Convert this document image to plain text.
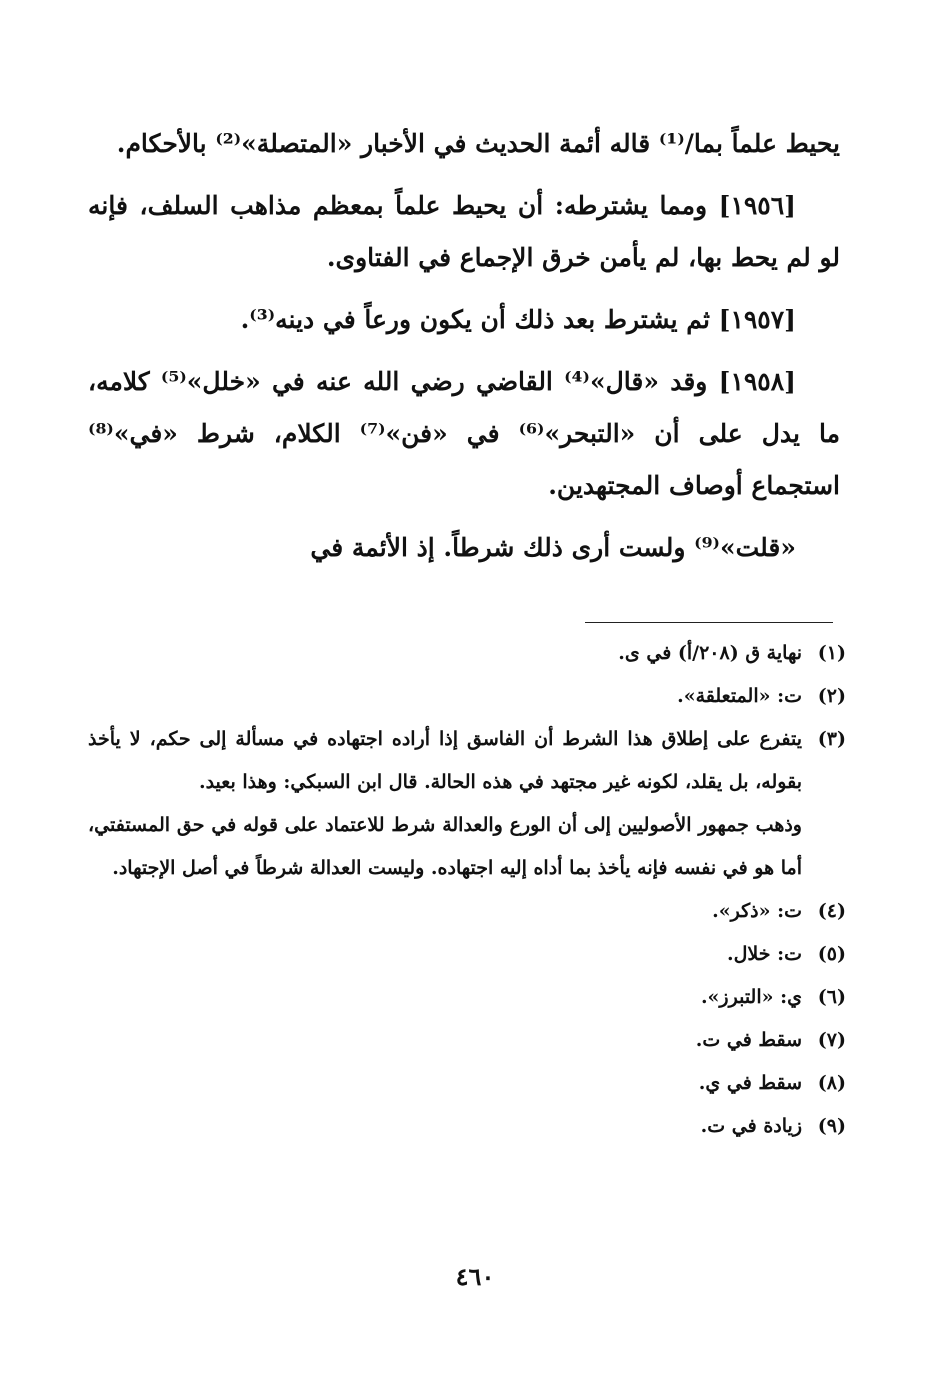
يحيط علماً بما/⁽¹⁾ قاله أئمة الحديث في الأخبار «المتصلة»⁽²⁾ بالأحكام.

[١٩٥٦] ومما يشترطه: أن يحيط علماً بمعظم مذاهب السلف، فإنه لو لم يحط بها، لم يأمن خرق الإجماع في الفتاوى.

[١٩٥٧] ثم يشترط بعد ذلك أن يكون ورعاً في دينه⁽³⁾.

[١٩٥٨] وقد «قال»⁽⁴⁾ القاضي رضي الله عنه في «خلل»⁽⁵⁾ كلامه، ما يدل على أن «التبحر»⁽⁶⁾ في «فن»⁽⁷⁾ الكلام، شرط «في»⁽⁸⁾ استجماع أوصاف المجتهدين.

«قلت»⁽⁹⁾ ولست أرى ذلك شرطاً. إذ الأئمة في

(١)
نهاية ق (٢٠٨/أ) في ى.
(٢)
ت: «المتعلقة».
(٣)
يتفرع على إطلاق هذا الشرط أن الفاسق إذا أراده اجتهاده في مسألة إلى حكم، لا يأخذ بقوله، بل يقلد، لكونه غير مجتهد في هذه الحالة. قال ابن السبكي: وهذا بعيد.
وذهب جمهور الأصوليين إلى أن الورع والعدالة شرط للاعتماد على قوله في حق المستفتي، أما هو في نفسه فإنه يأخذ بما أداه إليه اجتهاده. وليست العدالة شرطاً في أصل الإجتهاد.
(٤)
ت: «ذكر».
(٥)
ت: خلال.
(٦)
ي: «التبرز».
(٧)
سقط في ت.
(٨)
سقط في ي.
(٩)
زيادة في ت.
٤٦٠
